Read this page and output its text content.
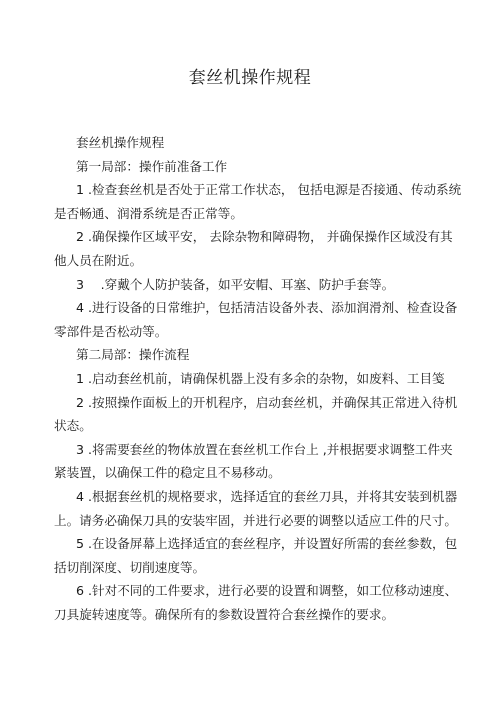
套丝机操作规程

套丝机操作规程

第一局部：操作前准备工作

1 .检查套丝机是否处于正常工作状态， 包括电源是否接通、传动系统是否畅通、润滑系统是否正常等。

2 .确保操作区域平安， 去除杂物和障碍物， 并确保操作区域没有其他人员在附近。

3 　.穿戴个人防护装备，如平安帽、耳塞、防护手套等。

4 .进行设备的日常维护，包括清洁设备外表、添加润滑剂、检查设备零部件是否松动等。

第二局部：操作流程

1 .启动套丝机前，请确保机器上没有多余的杂物，如废料、工目笺

2 .按照操作面板上的开机程序，启动套丝机，并确保其正常进入待机状态。

3 .将需要套丝的物体放置在套丝机工作台上 ,并根据要求调整工件夹紧装置，以确保工件的稳定且不易移动。

4 .根据套丝机的规格要求，选择适宜的套丝刀具，并将其安装到机器上。请务必确保刀具的安装牢固，并进行必要的调整以适应工件的尺寸。

5 .在设备屏幕上选择适宜的套丝程序，并设置好所需的套丝参数，包括切削深度、切削速度等。

6 .针对不同的工件要求，进行必要的设置和调整，如工位移动速度、刀具旋转速度等。确保所有的参数设置符合套丝操作的要求。
